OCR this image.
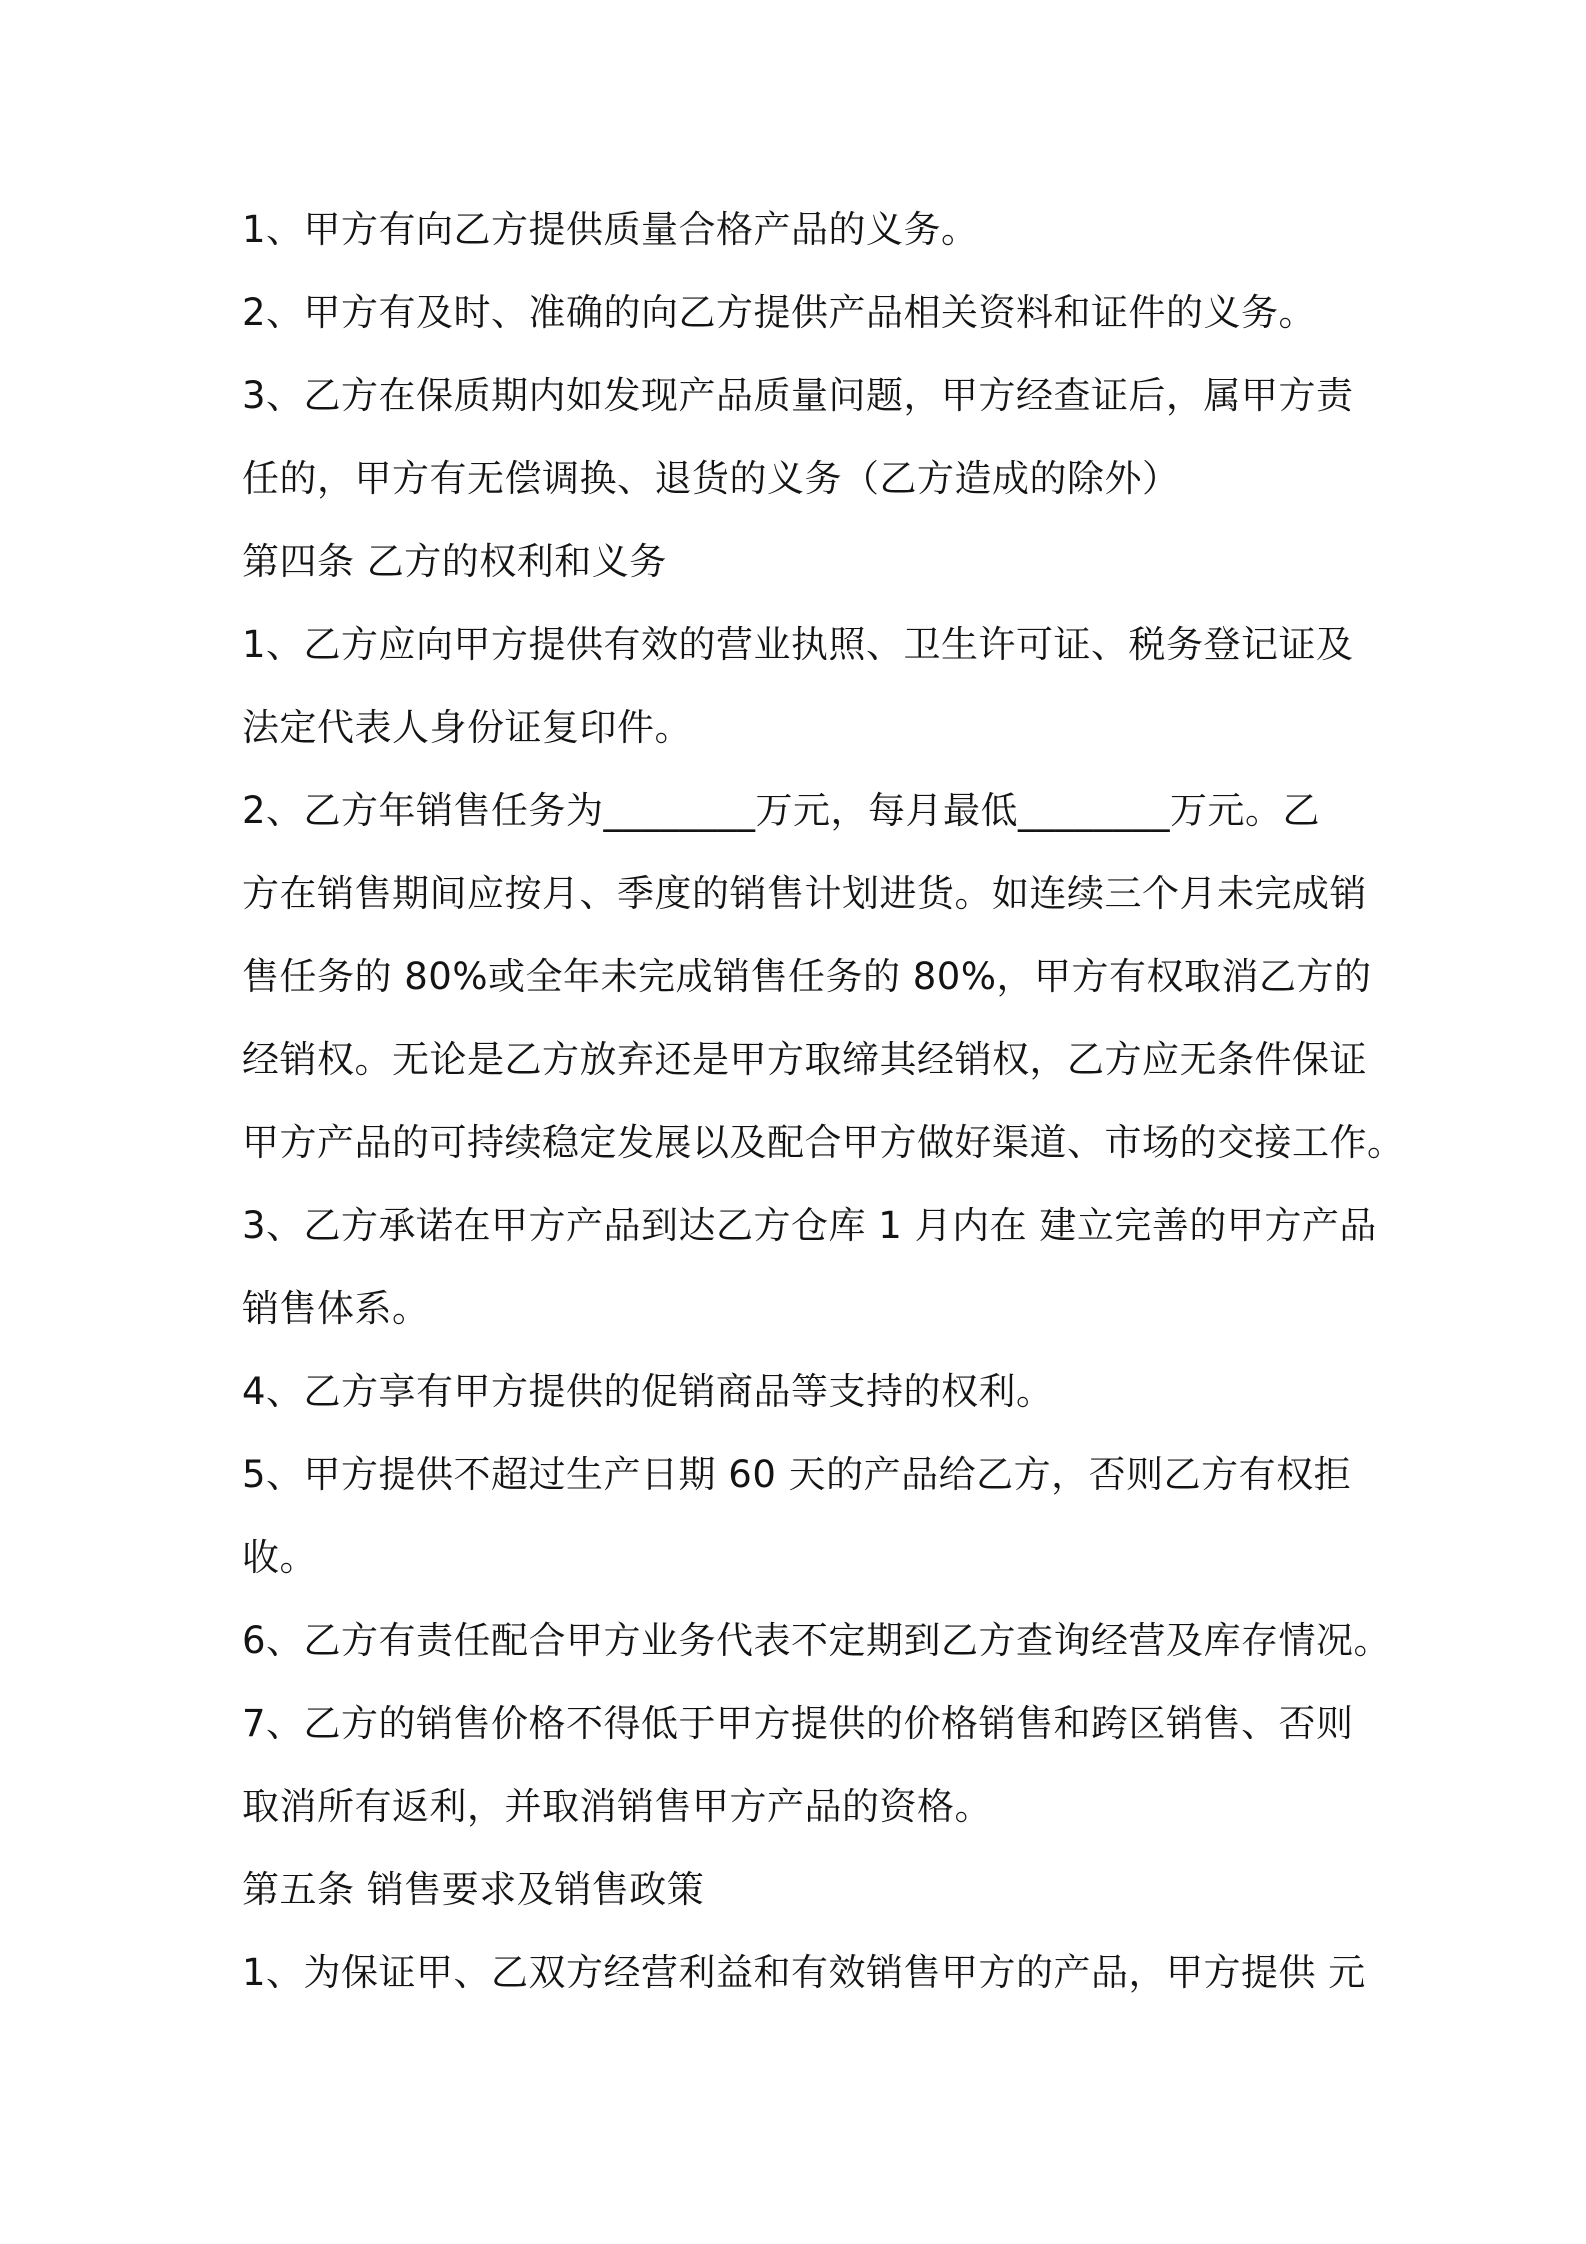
1、甲方有向乙方提供质量合格产品的义务。
2、甲方有及时、准确的向乙方提供产品相关资料和证件的义务。
3、乙方在保质期内如发现产品质量问题，甲方经查证后，属甲方责
任的，甲方有无偿调换、退货的义务（乙方造成的除外）
第四条 乙方的权利和义务
1、乙方应向甲方提供有效的营业执照、卫生许可证、税务登记证及
法定代表人身份证复印件。
2、乙方年销售任务为________万元，每月最低________万元。乙
方在销售期间应按月、季度的销售计划进货。如连续三个月未完成销
售任务的 80%或全年未完成销售任务的 80%，甲方有权取消乙方的
经销权。无论是乙方放弃还是甲方取缔其经销权，乙方应无条件保证
甲方产品的可持续稳定发展以及配合甲方做好渠道、市场的交接工作。
3、乙方承诺在甲方产品到达乙方仓库 1 月内在 建立完善的甲方产品
销售体系。
4、乙方享有甲方提供的促销商品等支持的权利。
5、甲方提供不超过生产日期 60 天的产品给乙方，否则乙方有权拒
收。
6、乙方有责任配合甲方业务代表不定期到乙方查询经营及库存情况。
7、乙方的销售价格不得低于甲方提供的价格销售和跨区销售、否则
取消所有返利，并取消销售甲方产品的资格。
第五条 销售要求及销售政策
1、为保证甲、乙双方经营利益和有效销售甲方的产品，甲方提供 元
